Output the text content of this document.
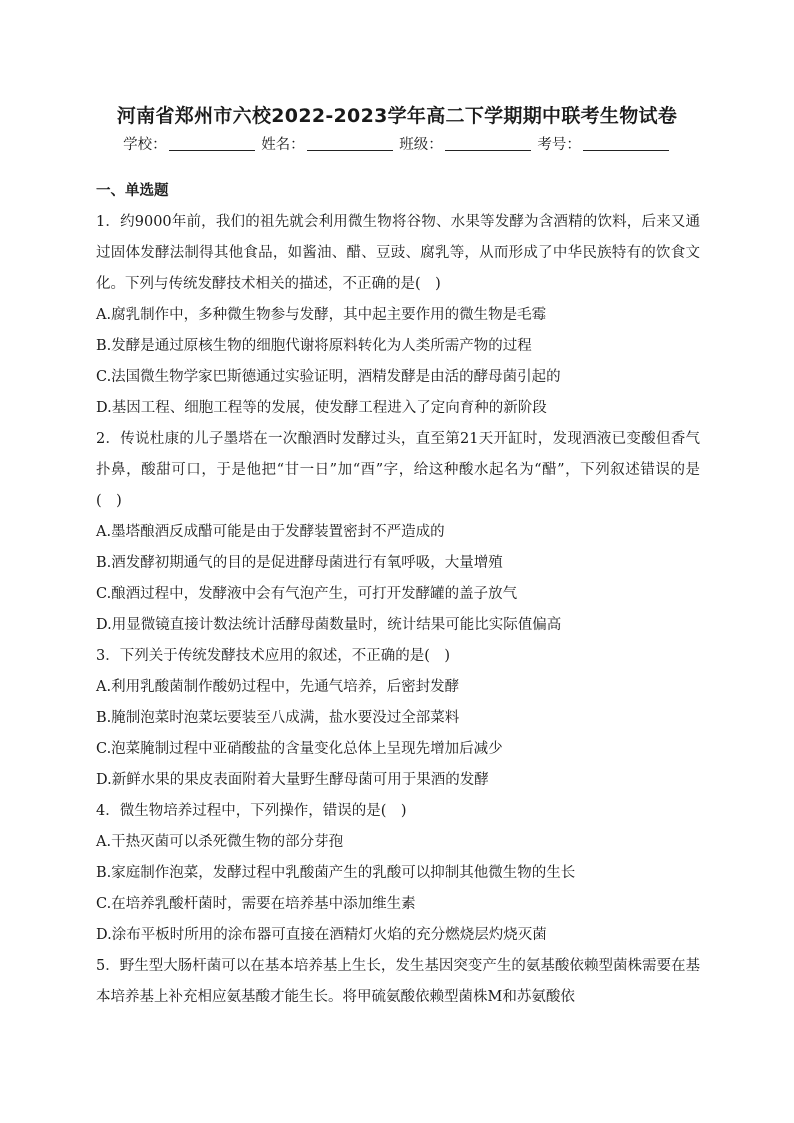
河南省郑州市六校2022-2023学年高二下学期期中联考生物试卷
学校：	姓名：	班级：	考号：
一、单选题

1．约9000年前，我们的祖先就会利用微生物将谷物、水果等发酵为含酒精的饮料，后来又通过固体发酵法制得其他食品，如酱油、醋、豆豉、腐乳等，从而形成了中华民族特有的饮食文化。下列与传统发酵技术相关的描述，不正确的是(　)

A.腐乳制作中，多种微生物参与发酵，其中起主要作用的微生物是毛霉

B.发酵是通过原核生物的细胞代谢将原料转化为人类所需产物的过程

C.法国微生物学家巴斯德通过实验证明，酒精发酵是由活的酵母菌引起的

D.基因工程、细胞工程等的发展，使发酵工程进入了定向育种的新阶段

2．传说杜康的儿子墨塔在一次酿酒时发酵过头，直至第21天开缸时，发现酒液已变酸但香气扑鼻，酸甜可口，于是他把“甘一日”加“酉”字，给这种酸水起名为“醋”，下列叙述错误的是(　)

A.墨塔酿酒反成醋可能是由于发酵装置密封不严造成的

B.酒发酵初期通气的目的是促进酵母菌进行有氧呼吸，大量增殖

C.酿酒过程中，发酵液中会有气泡产生，可打开发酵罐的盖子放气

D.用显微镜直接计数法统计活酵母菌数量时，统计结果可能比实际值偏高

3．下列关于传统发酵技术应用的叙述，不正确的是(　)

A.利用乳酸菌制作酸奶过程中，先通气培养，后密封发酵

B.腌制泡菜时泡菜坛要装至八成满，盐水要没过全部菜料

C.泡菜腌制过程中亚硝酸盐的含量变化总体上呈现先增加后减少

D.新鲜水果的果皮表面附着大量野生酵母菌可用于果酒的发酵

4．微生物培养过程中，下列操作，错误的是(　)

A.干热灭菌可以杀死微生物的部分芽孢

B.家庭制作泡菜，发酵过程中乳酸菌产生的乳酸可以抑制其他微生物的生长

C.在培养乳酸杆菌时，需要在培养基中添加维生素

D.涂布平板时所用的涂布器可直接在酒精灯火焰的充分燃烧层灼烧灭菌

5．野生型大肠杆菌可以在基本培养基上生长，发生基因突变产生的氨基酸依赖型菌株需要在基本培养基上补充相应氨基酸才能生长。将甲硫氨酸依赖型菌株M和苏氨酸依
